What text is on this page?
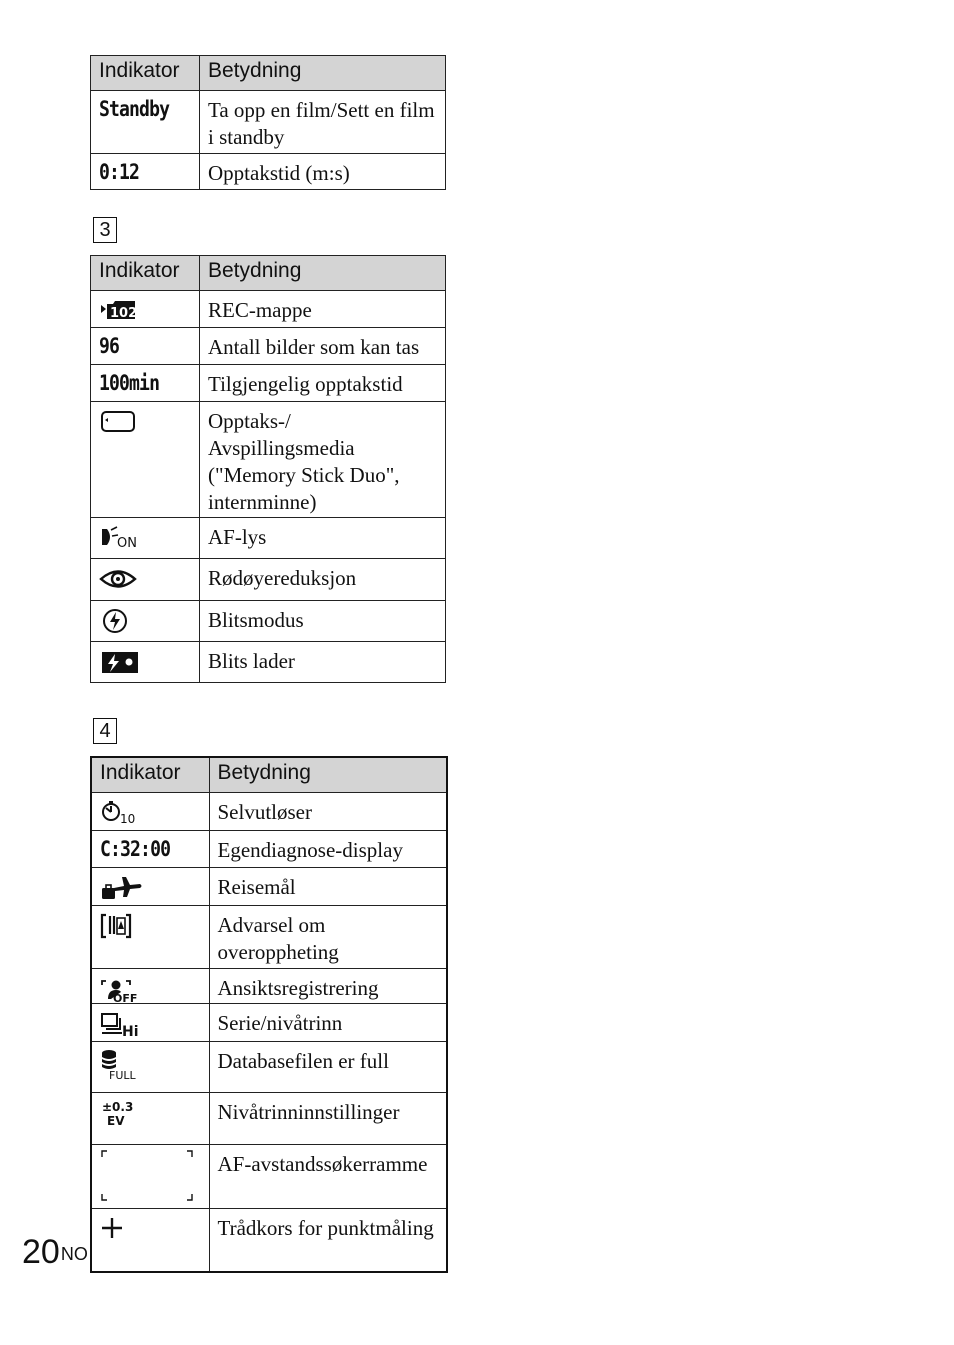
Indikator	Betydning
Standby	Ta opp en film/Sett en film i standby
0:12	Opptakstid (m:s)
3
Indikator	Betydning

102	REC-mappe
96	Antall bilder som kan tas
100min	Tilgjengelig opptakstid

	Opptaks-/ Avspillingsmedia ("Memory Stick Duo", internminne)

ON	AF-lys

	Rødøyereduksjon

	Blitsmodus

	Blits lader
4
Indikator	Betydning

10	Selvutløser
C:32:00	Egendiagnose-display

	Reisemål

	Advarsel om overoppheting

OFF	Ansiktsregistrering

Hi	Serie/nivåtrinn

FULL	Databasefilen er full

±0.3
EV	Nivåtrinninnstillinger

	AF-avstandssøkerramme

	Trådkors for punktmåling
$20^{NO}$
